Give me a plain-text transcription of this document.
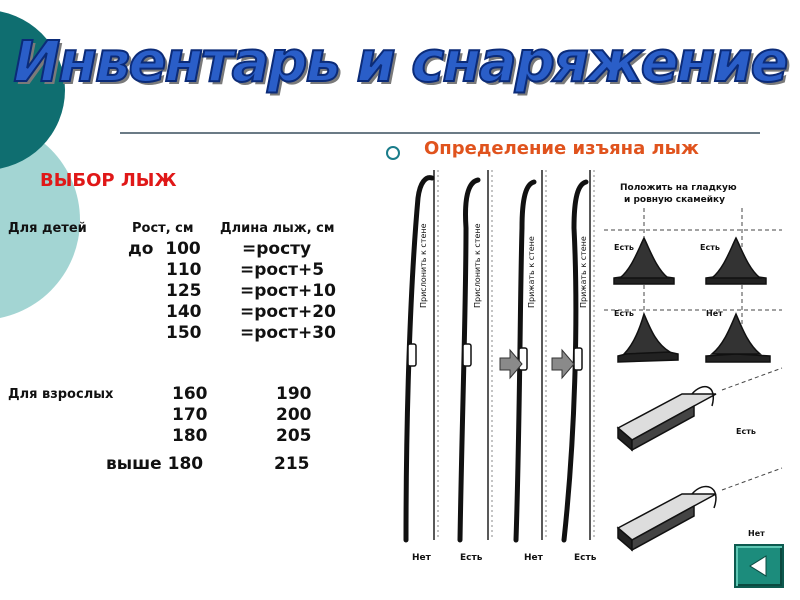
Инвентарь и снаряжение
Определение изъяна лыж
ВЫБОР ЛЫЖ
Для детей	Рост, см Длина лыж, см
до  100 =росту
110 =рост+5
125 =рост+10
140 =рост+20
150 =рост+30
Для взрослых	160	190
170	200
180	205
выше 180	215
Прислонить к стене	Прислонить к стене	Прижать к стене	Прижать к стене
Нет	Есть	Нет	Есть
Положить на гладкую
и ровную скамейку
Есть	Есть
Есть	Нет
Есть
Нет
